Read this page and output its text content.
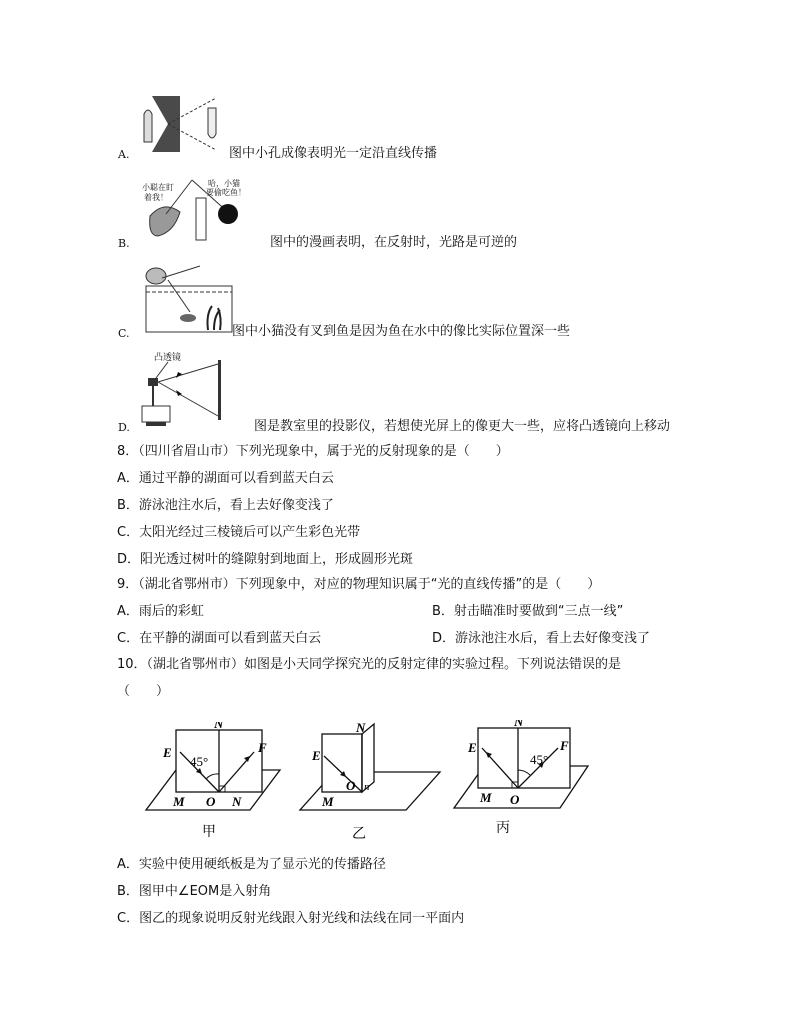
A.	图中小孔成像表明光一定沿直线传播
B.
小聪在盯
着我！
哈，小猫
要偷吃鱼！
图中的漫画表明，在反射时，光路是可逆的
C.	图中小猫没有叉到鱼是因为鱼在水中的像比实际位置深一些
D.
凸透镜
图是教室里的投影仪，若想使光屏上的像更大一些，应将凸透镜向上移动
8．（四川省眉山市）下列光现象中，属于光的反射现象的是（　　）
A．通过平静的湖面可以看到蓝天白云
B．游泳池注水后，看上去好像变浅了
C．太阳光经过三棱镜后可以产生彩色光带
D．阳光透过树叶的缝隙射到地面上，形成圆形光斑
9．（湖北省鄂州市）下列现象中，对应的物理知识属于“光的直线传播”的是（　　）
A．雨后的彩虹	B．射击瞄准时要做到“三点一线”
C．在平静的湖面可以看到蓝天白云	D．游泳池注水后，看上去好像变浅了
10．（湖北省鄂州市）如图是小天同学探究光的反射定律的实验过程。下列说法错误的是
（　　）
E
N
F
45°
M O N
甲
E
N
O n
M
乙
E
N
F
45°
M O
丙
A．实验中使用硬纸板是为了显示光的传播路径
B．图甲中∠EOM是入射角
C．图乙的现象说明反射光线跟入射光线和法线在同一平面内
